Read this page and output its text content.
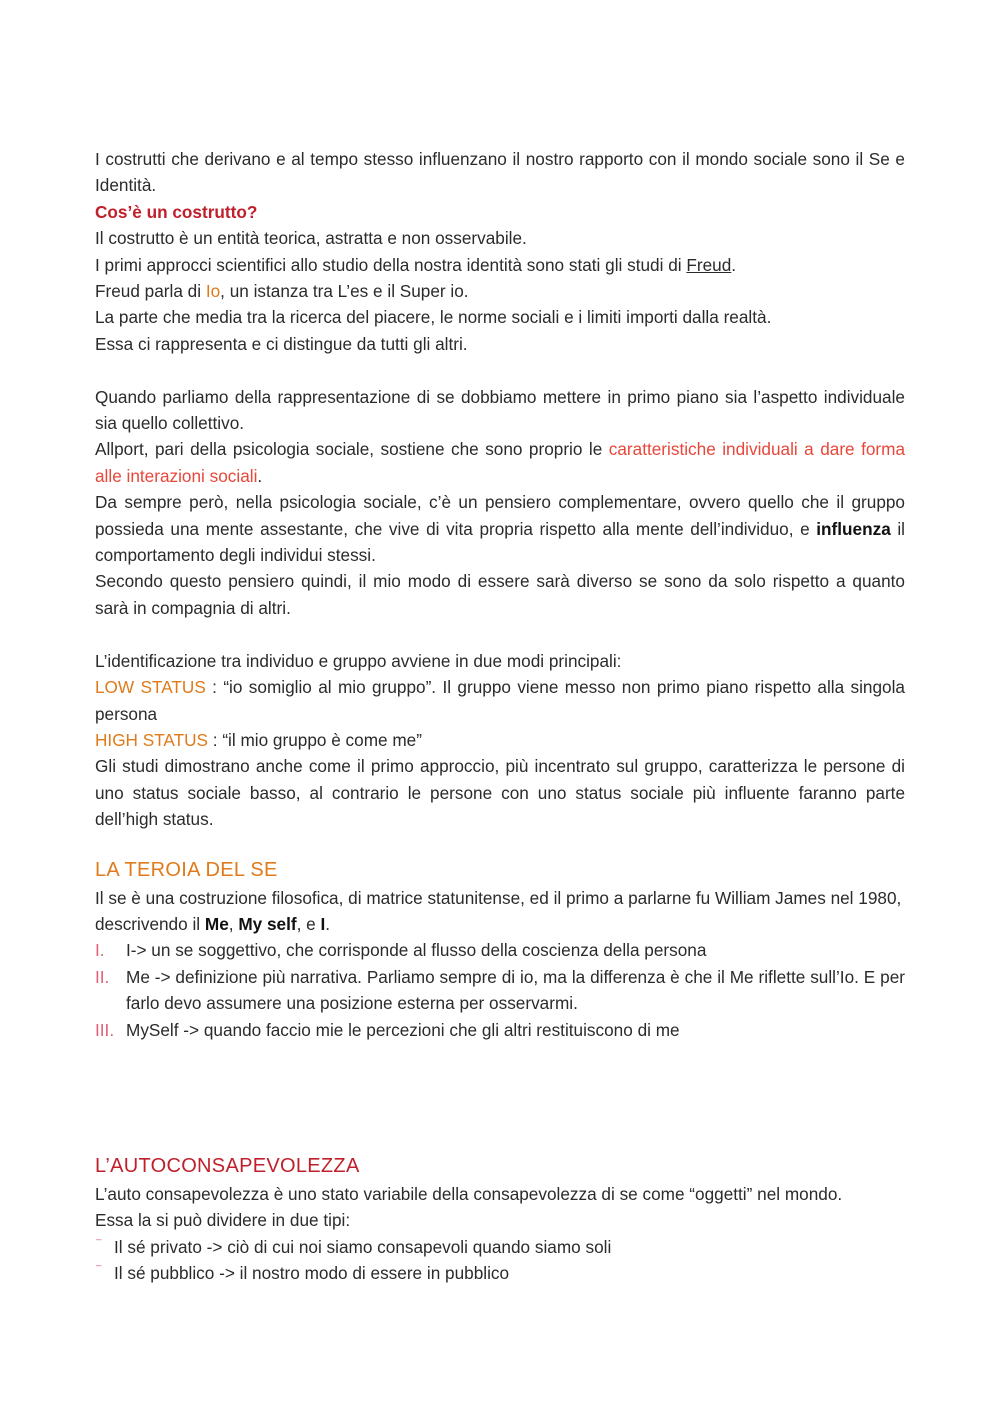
I costrutti che derivano e al tempo stesso influenzano il nostro rapporto con il mondo sociale sono il Se e Identità.

Cos’è un costrutto?

Il costrutto è un entità teorica, astratta e non osservabile.

I primi approcci scientifici allo studio della nostra identità sono stati gli studi di Freud.

Freud parla di Io, un istanza tra L’es e il Super io.

La parte che media tra la ricerca del piacere, le norme sociali e i limiti importi dalla realtà.

Essa ci rappresenta e ci distingue da tutti gli altri.

Quando parliamo della rappresentazione di se dobbiamo mettere in primo piano sia l’aspetto individuale sia quello collettivo.

Allport, pari della psicologia sociale, sostiene che sono proprio le caratteristiche individuali a dare forma alle interazioni sociali.

Da sempre però, nella psicologia sociale, c’è un pensiero complementare, ovvero quello che il gruppo possieda una mente assestante, che vive di vita propria rispetto alla mente dell’individuo, e influenza il comportamento degli individui stessi.

Secondo questo pensiero quindi, il mio modo di essere sarà diverso se sono da solo rispetto a quanto sarà in compagnia di altri.

L’identificazione tra individuo e gruppo avviene in due modi principali:

LOW STATUS : “io somiglio al mio gruppo”. Il gruppo viene messo non primo piano rispetto alla singola persona

HIGH STATUS : “il mio gruppo è come me”

Gli studi dimostrano anche come il primo approccio, più incentrato sul gruppo, caratterizza le persone di uno status sociale basso, al contrario le persone con uno status sociale più influente faranno parte dell’high status.

LA TEROIA DEL SE

Il se è una costruzione filosofica, di matrice statunitense, ed il primo a parlarne fu William James nel 1980, descrivendo il Me, My self, e I.

I.	I-> un se soggettivo, che corrisponde al flusso della coscienza della persona
II. Me -> definizione più narrativa. Parliamo sempre di io, ma la differenza è che il Me riflette sull’Io. E per farlo devo assumere una posizione esterna per osservarmi.
III. MySelf -> quando faccio mie le percezioni che gli altri restituiscono di me
L’AUTOCONSAPEVOLEZZA

L’auto consapevolezza è uno stato variabile della consapevolezza di se come “oggetti” nel mondo.

Essa la si può dividere in due tipi:

⁻ Il sé privato -> ciò di cui noi siamo consapevoli quando siamo soli
⁻ Il sé pubblico -> il nostro modo di essere in pubblico
